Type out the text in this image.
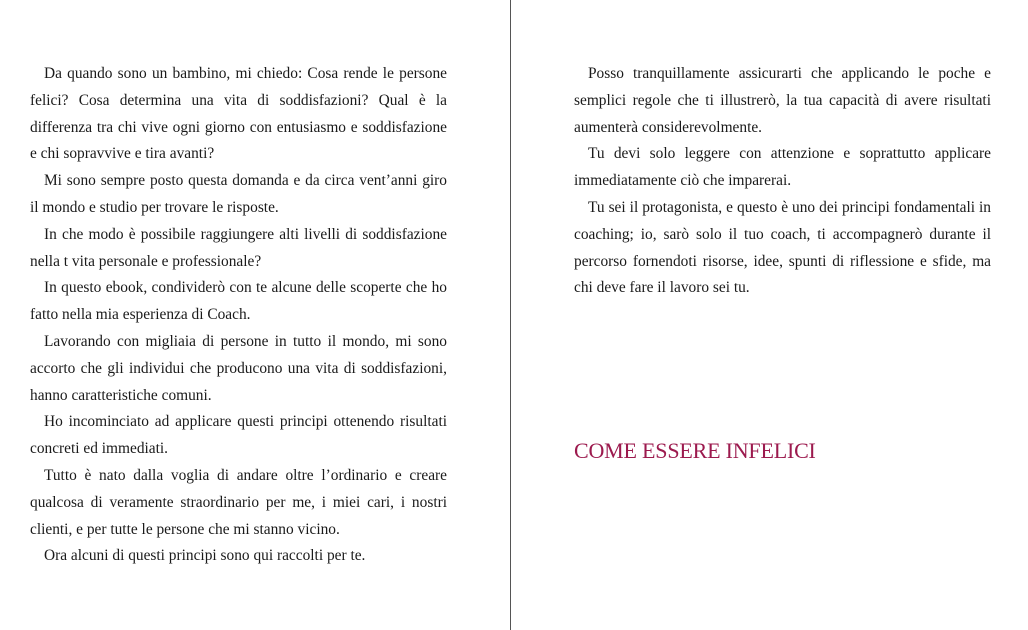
Da quando sono un bambino, mi chiedo: Cosa rende le persone felici? Cosa determina una vita di soddisfazioni? Qual è la differenza tra chi vive ogni giorno con entusiasmo e soddisfazione e chi sopravvive e tira avanti?

Mi sono sempre posto questa domanda e da circa vent’anni giro il mondo e studio per trovare le risposte.

In che modo è possibile raggiungere alti livelli di soddisfazione nella t vita personale e professionale?

In questo ebook, condividerò con te alcune delle scoperte che ho fatto nella mia esperienza di Coach.

Lavorando con migliaia di persone in tutto il mondo, mi sono accorto che gli individui che producono una vita di soddisfazioni, hanno caratteristiche comuni.

Ho incominciato ad applicare questi principi ottenendo risultati concreti ed immediati.

Tutto è nato dalla voglia di andare oltre l’ordinario e creare qualcosa di veramente straordinario per me, i miei cari, i nostri clienti, e per tutte le persone che mi stanno vicino.

Ora alcuni di questi principi sono qui raccolti per te.

Posso tranquillamente assicurarti che applicando le poche e semplici regole che ti illustrerò, la tua capacità di avere risultati aumenterà considerevolmente.

Tu devi solo leggere con attenzione e soprattutto applicare immediatamente ciò che imparerai.

Tu sei il protagonista, e questo è uno dei principi fondamentali in coaching; io, sarò solo il tuo coach, ti accompagnerò durante il percorso fornendoti risorse, idee, spunti di riflessione e sfide, ma chi deve fare il lavoro sei tu.

COME ESSERE INFELICI
